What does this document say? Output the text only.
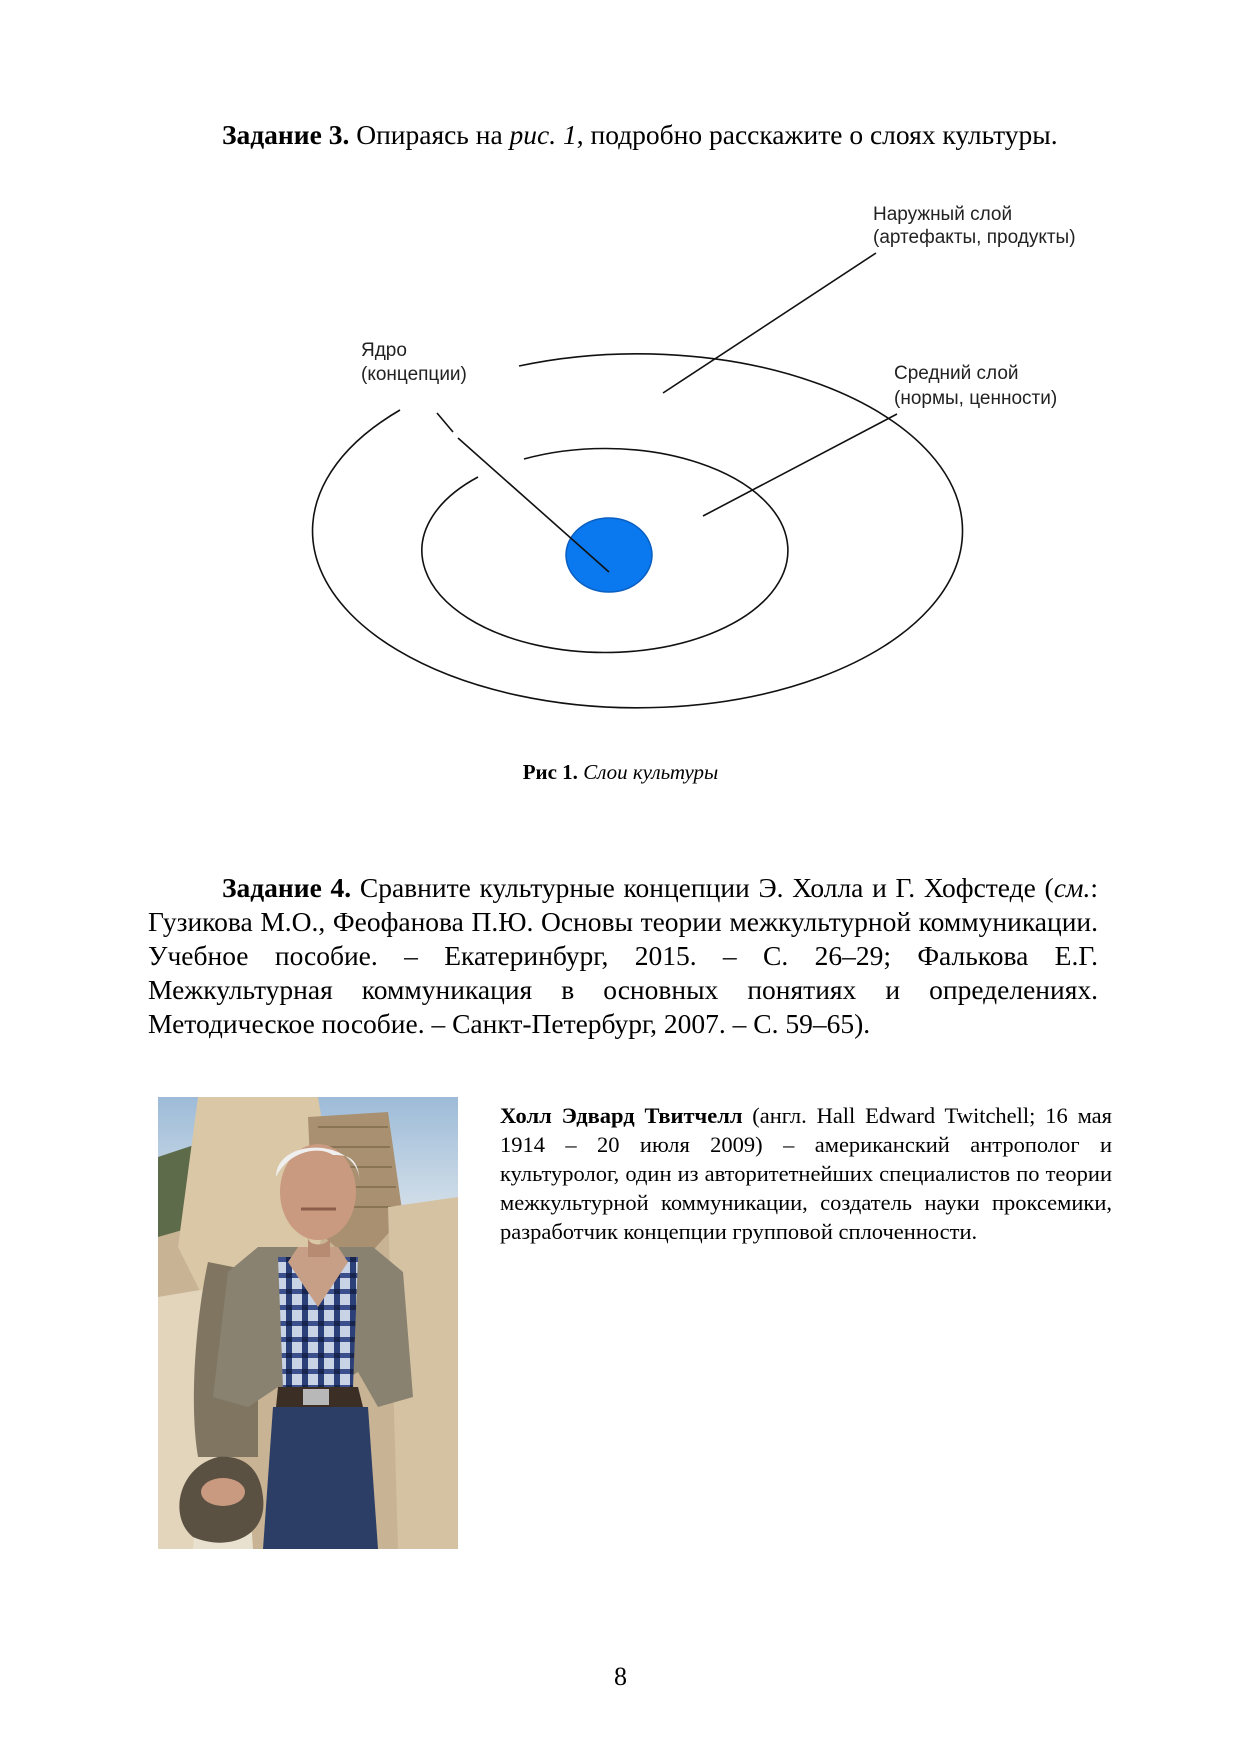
Задание 3. Опираясь на рис. 1, подробно расскажите о слоях культуры.

Наружный слой
(артефакты, продукты)
Ядро
(концепции)	Средний слой
(нормы, ценности)
Рис 1. Слои культуры

Задание 4. Сравните культурные концепции Э. Холла и Г. Хофстеде (см.: Гузикова М.О., Феофанова П.Ю. Основы теории межкультурной коммуникации. Учебное пособие. – Екатеринбург, 2015. – С. 26–29; Фалькова Е.Г. Межкультурная коммуникация в основных понятиях и определениях. Методическое пособие. – Санкт-Петербург, 2007. – С. 59–65).

Холл Эдвард Твитчелл (англ. Hall Edward Twitchell; 16 мая 1914 – 20 июля 2009) – американский антрополог и культуролог, один из авторитетнейших специалистов по теории межкультурной коммуникации, создатель науки проксемики, разработчик концепции групповой сплоченности.

8
